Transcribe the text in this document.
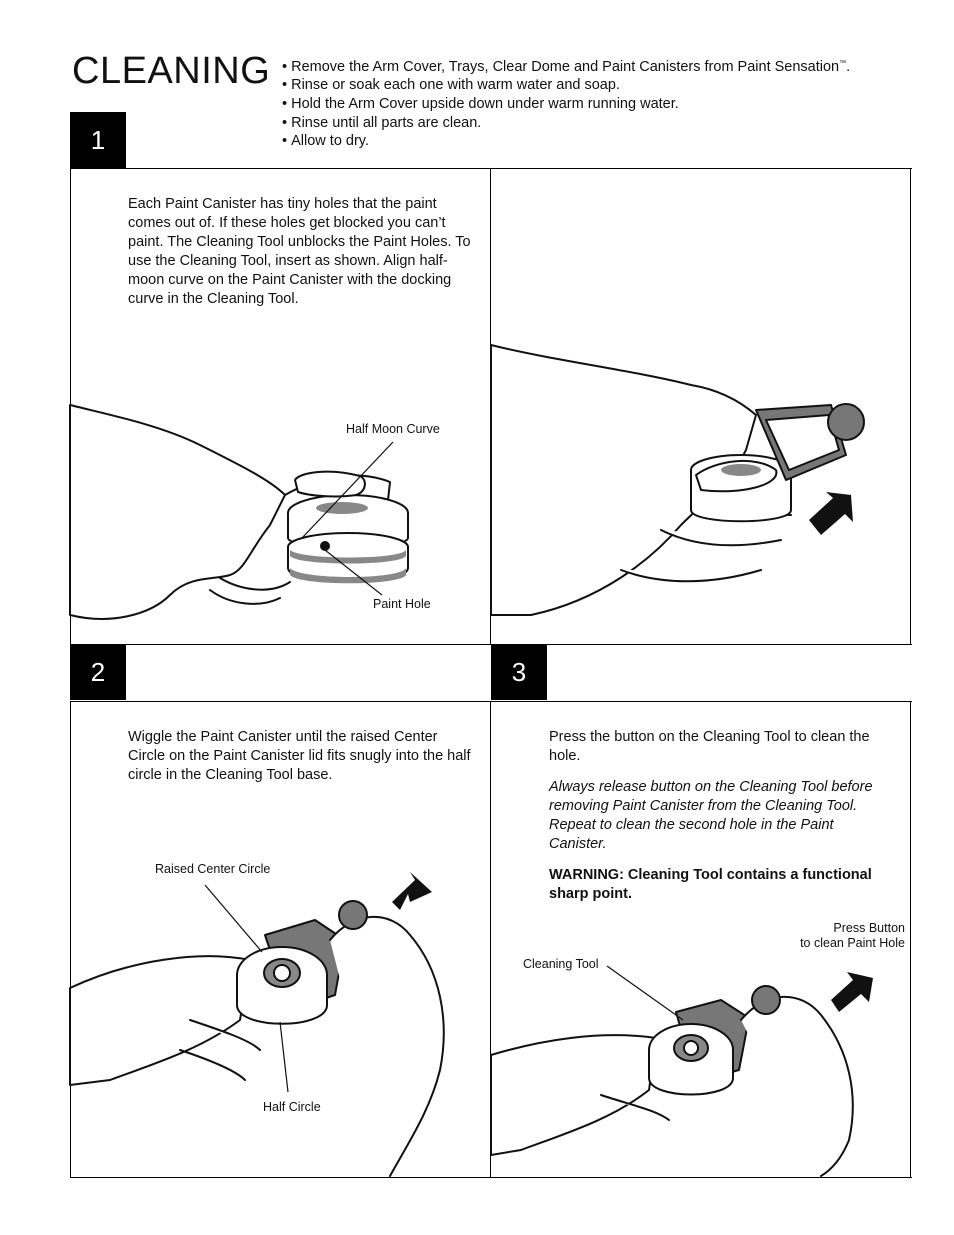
CLEANING
•	Remove the Arm Cover, Trays, Clear Dome and Paint Canisters from Paint Sensation™.
• Rinse or soak each one with warm water and soap.
• Hold the Arm Cover upside down under warm running water.
• Rinse until all parts are clean.
• Allow to dry.
1
2	3

Each Paint Canister has tiny holes that the paint comes out of. If these holes get blocked you can’t paint. The Cleaning Tool unblocks the Paint Holes. To use the Cleaning Tool, insert as shown. Align half-moon curve on the Paint Canister with the docking curve in the Cleaning Tool.

Half Moon Curve
Paint Hole

Wiggle the Paint Canister until the raised Center Circle on the Paint Canister lid fits snugly into the half circle in the Cleaning Tool base.

Raised Center Circle
Half Circle

Press the button on the Cleaning Tool to clean the hole.

Always release button on the Cleaning Tool before removing Paint Canister from the Cleaning Tool. Repeat to clean the second hole in the Paint Canister.

WARNING: Cleaning Tool contains a functional sharp point.

Cleaning Tool
Press Button
to clean Paint Hole
